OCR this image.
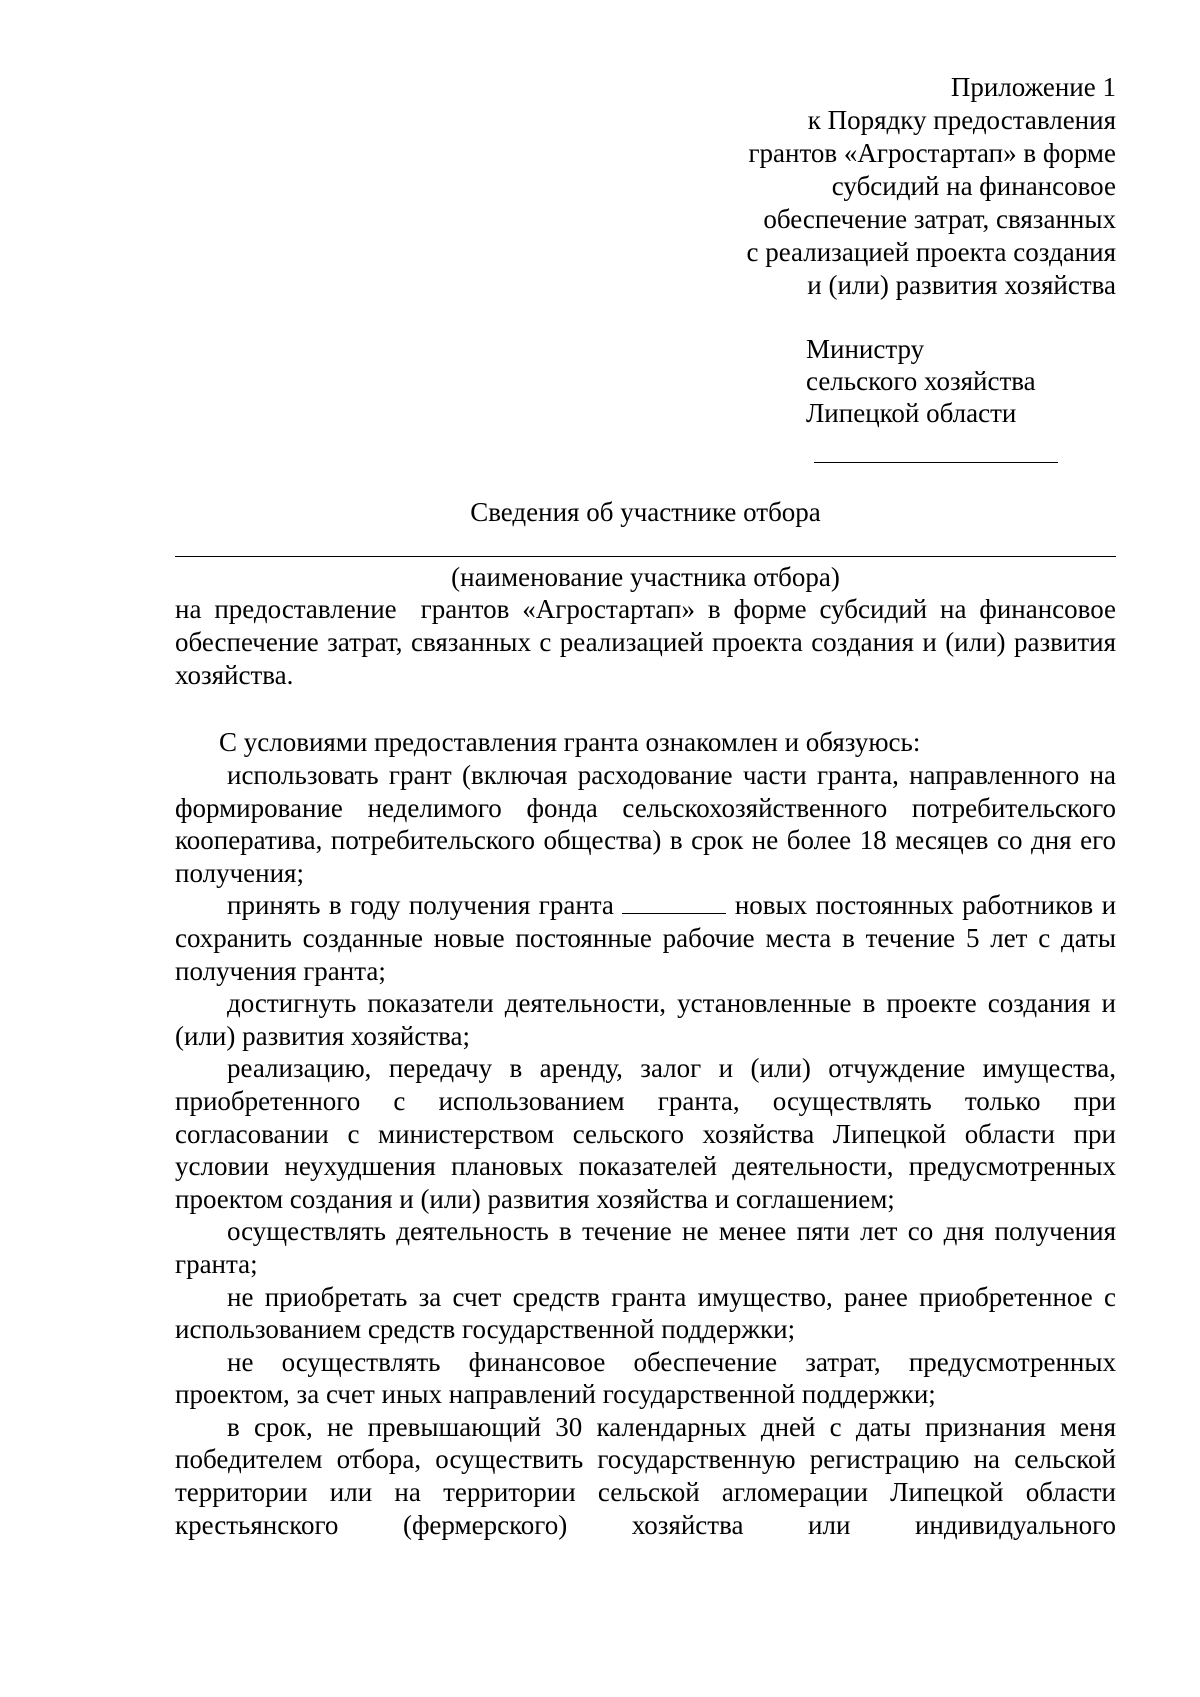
Приложение 1
к Порядку предоставления
грантов «Агростартап» в форме
субсидий на финансовое
обеспечение затрат, связанных
с реализацией проекта создания
и (или) развития хозяйства
Министру
сельского хозяйства
Липецкой области
Сведения об участнике отбора
(наименование участника отбора)

на предоставление грантов «Агростартап» в форме субсидий на финансовое обеспечение затрат, связанных с реализацией проекта создания и (или) развития хозяйства.

С условиями предоставления гранта ознакомлен и обязуюсь:

использовать грант (включая расходование части гранта, направленного на формирование неделимого фонда сельскохозяйственного потребительского кооператива, потребительского общества) в срок не более 18 месяцев со дня его получения;

принять в году получения гранта	новых постоянных работников и сохранить созданные новые постоянные рабочие места в течение 5 лет с даты получения гранта;

достигнуть показатели деятельности, установленные в проекте создания и (или) развития хозяйства;

реализацию, передачу в аренду, залог и (или) отчуждение имущества, приобретенного с использованием гранта, осуществлять только при согласовании с министерством сельского хозяйства Липецкой области при условии неухудшения плановых показателей деятельности, предусмотренных проектом создания и (или) развития хозяйства и соглашением;

осуществлять деятельность в течение не менее пяти лет со дня получения гранта;

не приобретать за счет средств гранта имущество, ранее приобретенное с использованием средств государственной поддержки;

не осуществлять финансовое обеспечение затрат, предусмотренных проектом, за счет иных направлений государственной поддержки;

в срок, не превышающий 30 календарных дней с даты признания меня победителем отбора, осуществить государственную регистрацию на сельской территории или на территории сельской агломерации Липецкой области крестьянского (фермерского) хозяйства или индивидуального
